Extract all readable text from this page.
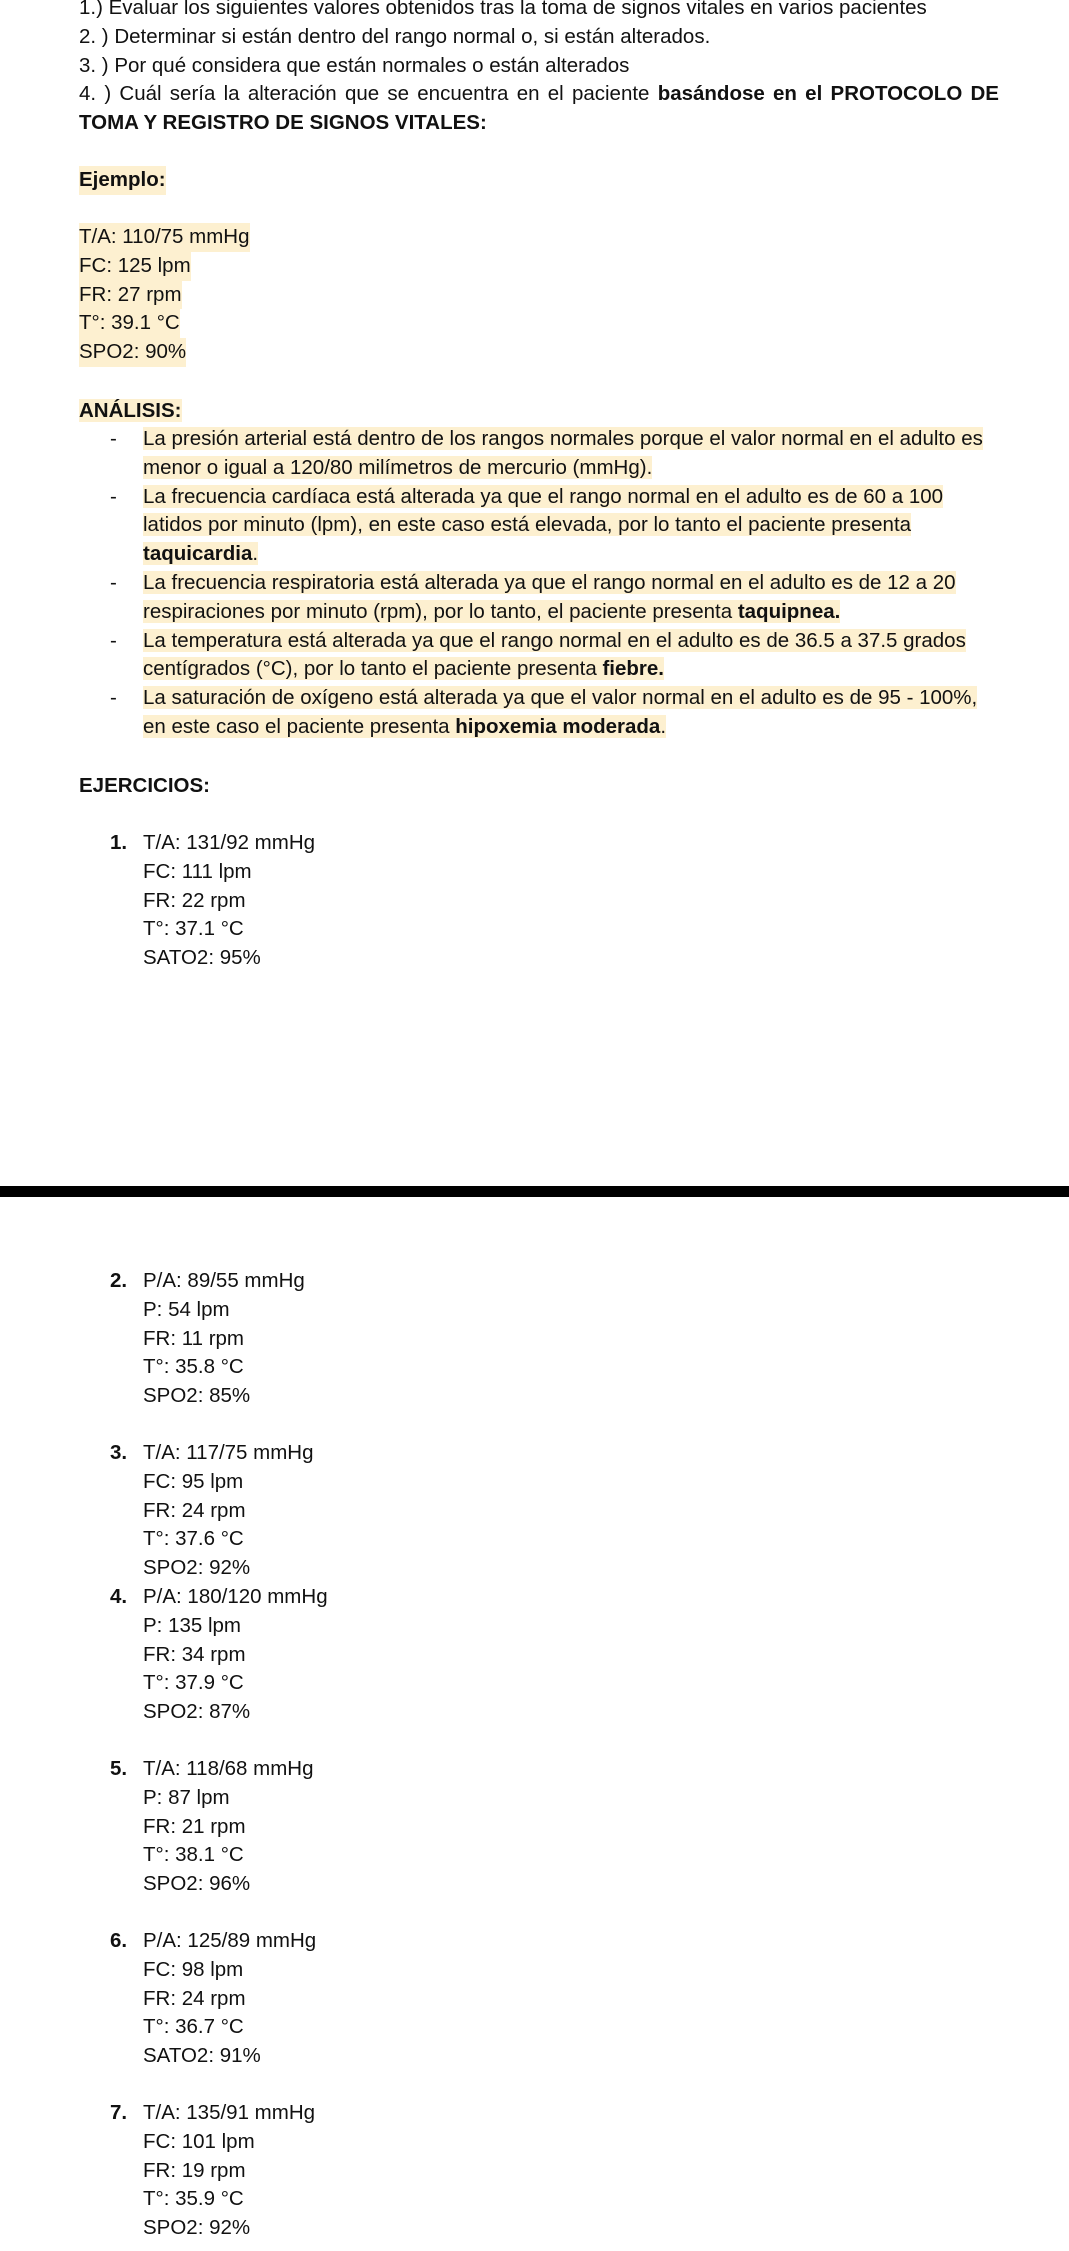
1.) Evaluar los siguientes valores obtenidos tras la toma de signos vitales en varios pacientes
2. ) Determinar si están dentro del rango normal o, si están alterados.
3. ) Por qué considera que están normales o están alterados
4. ) Cuál sería la alteración que se encuentra en el paciente basándose en el PROTOCOLO DE TOMA Y REGISTRO DE SIGNOS VITALES:
Ejemplo:
T/A: 110/75 mmHg
FC: 125 lpm
FR: 27 rpm
T°: 39.1 °C
SPO2: 90%
ANÁLISIS:
-	La presión arterial está dentro de los rangos normales porque el valor normal en el adulto es menor o igual a 120/80 milímetros de mercurio (mmHg).
-	La frecuencia cardíaca está alterada ya que el rango normal en el adulto es de 60 a 100 latidos por minuto (lpm), en este caso está elevada, por lo tanto el paciente presenta taquicardia.
-	La frecuencia respiratoria está alterada ya que el rango normal en el adulto es de 12 a 20 respiraciones por minuto (rpm), por lo tanto, el paciente presenta taquipnea.
-	La temperatura está alterada ya que el rango normal en el adulto es de 36.5 a 37.5 grados centígrados (°C), por lo tanto el paciente presenta fiebre.
-	La saturación de oxígeno está alterada ya que el valor normal en el adulto es de 95 - 100%, en este caso el paciente presenta hipoxemia moderada.
EJERCICIOS:
1. T/A: 131/92 mmHg
FC: 111 lpm
FR: 22 rpm
T°: 37.1 °C
SATO2: 95%
2. P/A: 89/55 mmHg
P: 54 lpm
FR: 11 rpm
T°: 35.8 °C
SPO2: 85%
3. T/A: 117/75 mmHg
FC: 95 lpm
FR: 24 rpm
T°: 37.6 °C
SPO2: 92%
4. P/A: 180/120 mmHg
P: 135 lpm
FR: 34 rpm
T°: 37.9 °C
SPO2: 87%
5. T/A: 118/68 mmHg
P: 87 lpm
FR: 21 rpm
T°: 38.1 °C
SPO2: 96%
6. P/A: 125/89 mmHg
FC: 98 lpm
FR: 24 rpm
T°: 36.7 °C
SATO2: 91%
7. T/A: 135/91 mmHg
FC: 101 lpm
FR: 19 rpm
T°: 35.9 °C
SPO2: 92%
